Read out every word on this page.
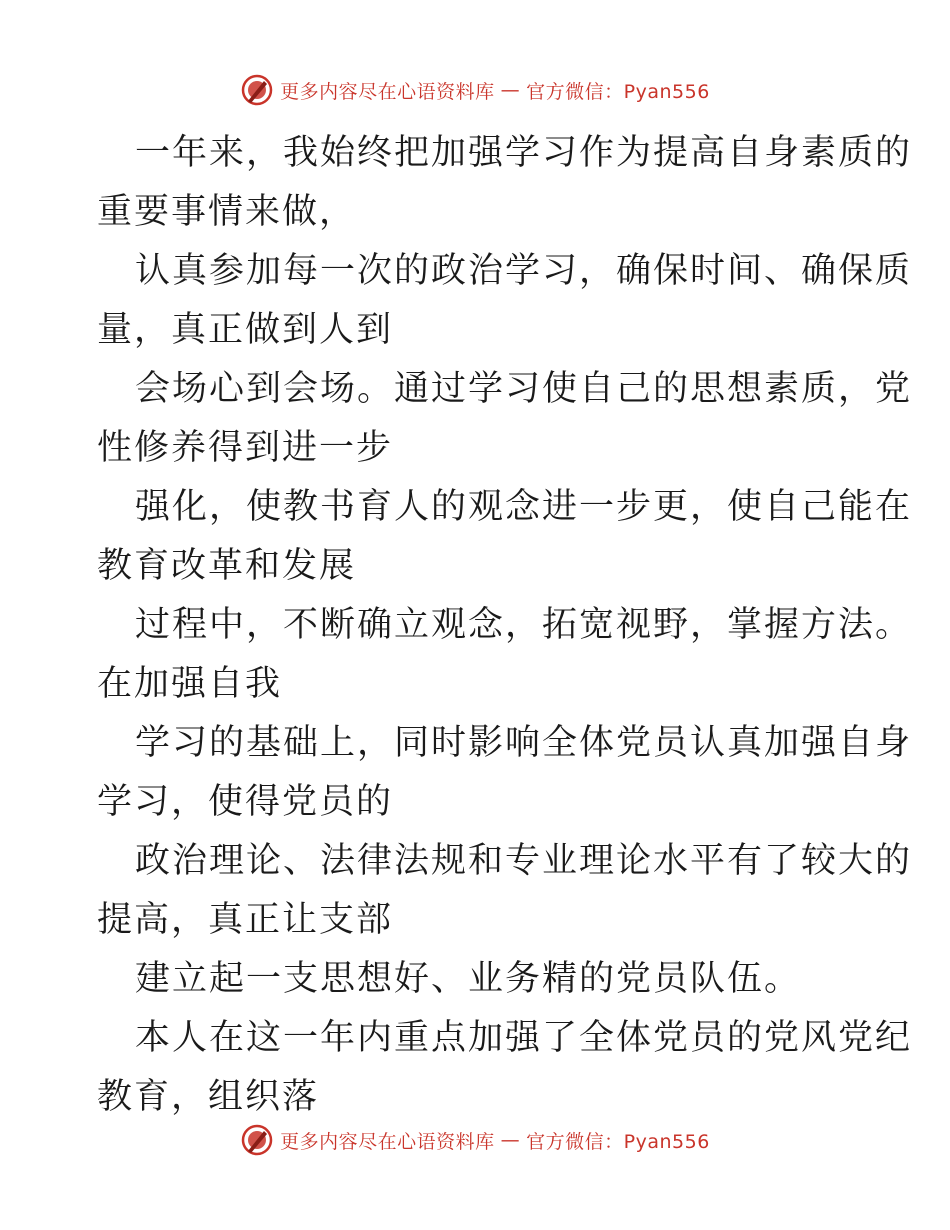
更多内容尽在心语资料库 — 官方微信：Pyan556
一年来，我始终把加强学习作为提高自身素质的
重要事情来做，
认真参加每一次的政治学习，确保时间、确保质
量，真正做到人到
会场心到会场。通过学习使自己的思想素质，党
性修养得到进一步
强化，使教书育人的观念进一步更，使自己能在
教育改革和发展
过程中，不断确立观念，拓宽视野，掌握方法。
在加强自我
学习的基础上，同时影响全体党员认真加强自身
学习，使得党员的
政治理论、法律法规和专业理论水平有了较大的
提高，真正让支部
建立起一支思想好、业务精的党员队伍。
本人在这一年内重点加强了全体党员的党风党纪
教育，组织落
更多内容尽在心语资料库 — 官方微信：Pyan556
